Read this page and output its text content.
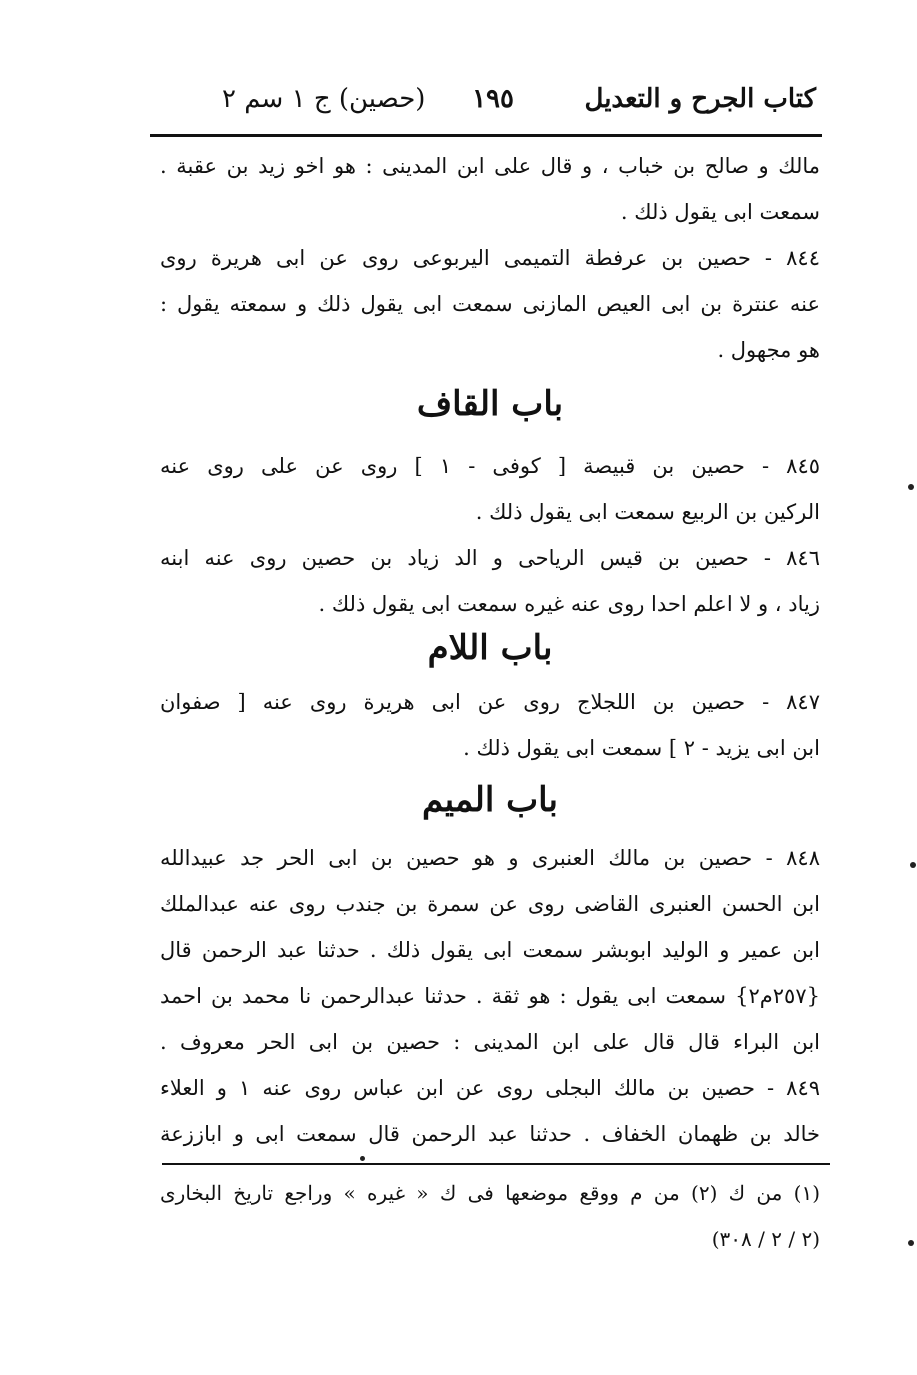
كتاب الجرح و التعديل
١٩٥
(حصين) ج ١ سم ٢
مالك و صالح بن خباب ، و قال على ابن المدينى : هو اخو زيد بن عقبة .
سمعت ابى يقول ذلك .
٨٤٤ - حصين بن عرفطة التميمى اليربوعى روى عن ابى هريرة روى
عنه عنترة بن ابى العيص المازنى سمعت ابى يقول ذلك و سمعته يقول :
هو مجهول .
٨٤٥ - حصين بن قبيصة [ كوفى - ١ ] روى عن على روى عنه
الركين بن الربيع سمعت ابى يقول ذلك .
٨٤٦ - حصين بن قيس الرياحى و الد زياد بن حصين روى عنه ابنه
زياد ، و لا اعلم احدا روى عنه غيره سمعت ابى يقول ذلك .
٨٤٧ - حصين بن اللجلاج روى عن ابى هريرة روى عنه [ صفوان
ابن ابى يزيد - ٢ ] سمعت ابى يقول ذلك .
٨٤٨ - حصين بن مالك العنبرى و هو حصين بن ابى الحر جد عبيدالله
ابن الحسن العنبرى القاضى روى عن سمرة بن جندب روى عنه عبدالملك
ابن عمير و الوليد ابوبشر سمعت ابى يقول ذلك . حدثنا عبد الرحمن قال
{٢٥٧م٢} سمعت ابى يقول : هو ثقة . حدثنا عبدالرحمن نا محمد بن احمد
ابن البراء قال قال على ابن المدينى : حصين بن ابى الحر معروف .
٨٤٩ - حصين بن مالك البجلى روى عن ابن عباس روى عنه ١ و العلاء
خالد بن ظهمان الخفاف . حدثنا عبد الرحمن قال سمعت ابى و اباززعة
باب القاف
باب اللام
باب الميم
(١) من ك (٢) من م ووقع موضعها فى ك « غيره » وراجع تاريخ البخارى
(٢ / ٢ / ٣٠٨)
